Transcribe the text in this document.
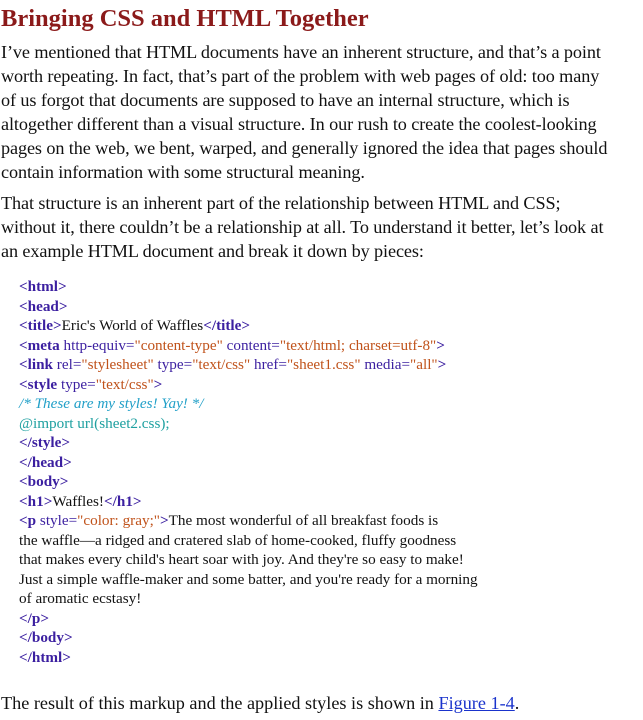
Bringing CSS and HTML Together

I’ve mentioned that HTML documents have an inherent structure, and that’s a point
worth repeating. In fact, that’s part of the problem with web pages of old: too many
of us forgot that documents are supposed to have an internal structure, which is
altogether different than a visual structure. In our rush to create the coolest-looking
pages on the web, we bent, warped, and generally ignored the idea that pages should
contain information with some structural meaning.

That structure is an inherent part of the relationship between HTML and CSS;
without it, there couldn’t be a relationship at all. To understand it better, let’s look at
an example HTML document and break it down by pieces:

<html>
<head>
<title>Eric's World of Waffles</title>
<meta http-equiv="content-type" content="text/html; charset=utf-8">
<link rel="stylesheet" type="text/css" href="sheet1.css" media="all">
<style type="text/css">
/* These are my styles! Yay! */
@import url(sheet2.css);
</style>
</head>
<body>
<h1>Waffles!</h1>
<p style="color: gray;">The most wonderful of all breakfast foods is
the waffle—a ridged and cratered slab of home-cooked, fluffy goodness
that makes every child's heart soar with joy. And they're so easy to make!
Just a simple waffle-maker and some batter, and you're ready for a morning
of aromatic ecstasy!
</p>
</body>
</html>

The result of this markup and the applied styles is shown in Figure 1-4.
